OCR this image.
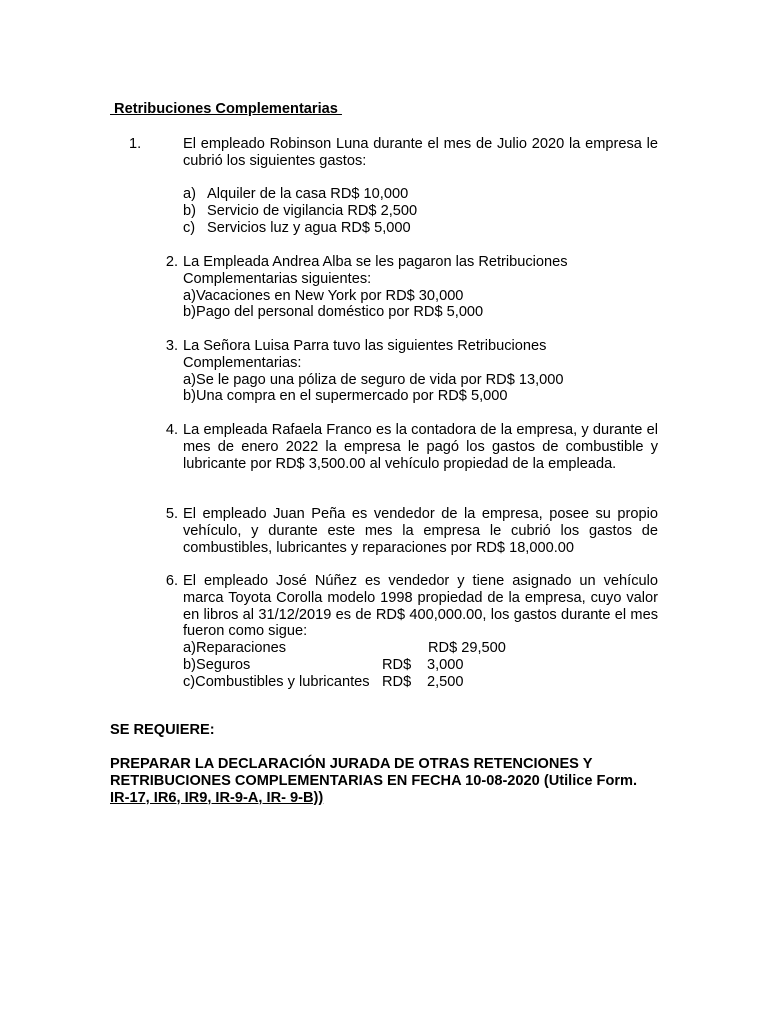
Retribuciones Complementarias
1.	El empleado Robinson Luna durante el mes de Julio 2020 la empresa le cubrió los siguientes gastos:
a) Alquiler de la casa RD$ 10,000
b) Servicio de vigilancia RD$ 2,500
c) Servicios luz y agua RD$ 5,000
2. La Empleada Andrea Alba se les pagaron las Retribuciones
Complementarias siguientes:
a)Vacaciones en New York por RD$ 30,000
b)Pago del personal doméstico por RD$ 5,000
3. La Señora Luisa Parra tuvo las siguientes Retribuciones
Complementarias:
a)Se le pago una póliza de seguro de vida por RD$ 13,000
b)Una compra en el supermercado por RD$ 5,000
4. La empleada Rafaela Franco es la contadora de la empresa, y durante el mes de enero 2022 la empresa le pagó los gastos de combustible y lubricante por RD$ 3,500.00 al vehículo propiedad de la empleada.
5. El empleado Juan Peña es vendedor de la empresa, posee su propio vehículo, y durante este mes la empresa le cubrió los gastos de combustibles, lubricantes y reparaciones por RD$ 18,000.00
6. El empleado José Núñez es vendedor y tiene asignado un vehículo marca Toyota Corolla modelo 1998 propiedad de la empresa, cuyo valor en libros al 31/12/2019 es de RD$ 400,000.00, los gastos durante el mes fueron como sigue:
a)Reparaciones	RD$ 29,500
b)Seguros	RD$ 3,000
c)Combustibles y lubricantes RD$ 2,500
SE REQUIERE:
PREPARAR LA DECLARACIÓN JURADA DE OTRAS RETENCIONES Y RETRIBUCIONES COMPLEMENTARIAS EN FECHA 10-08-2020 (Utilice Form. IR-17, IR6, IR9, IR-9-A, IR- 9-B))
